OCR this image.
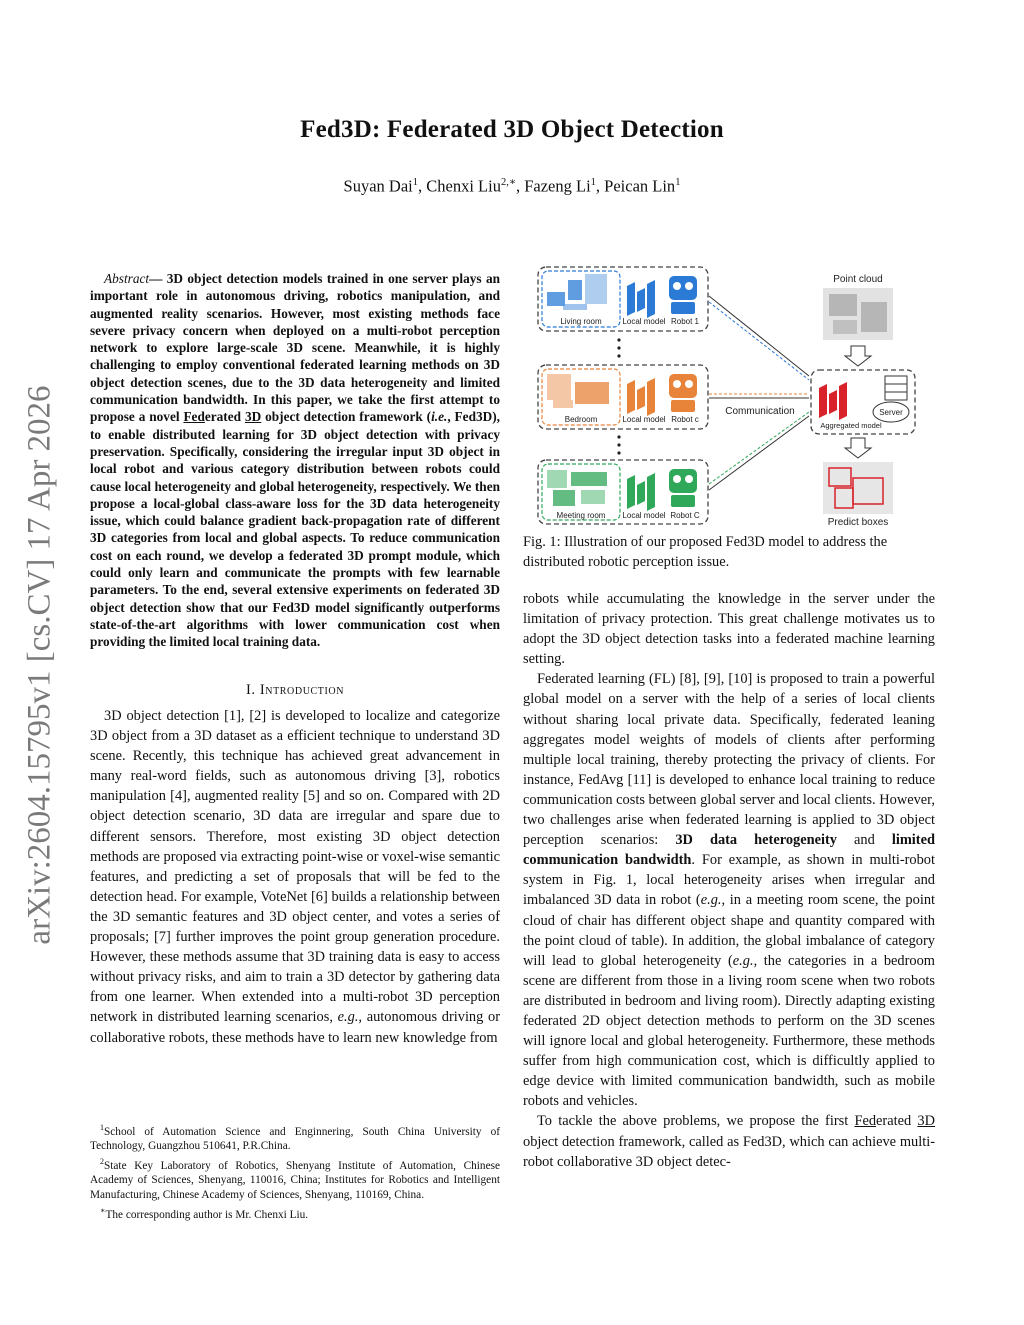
Fed3D: Federated 3D Object Detection
Suyan Dai$^1$, Chenxi Liu$^{2,∗}$, Fazeng Li$^1$, Peican Lin$^1$
arXiv:2604.15795v1 [cs.CV] 17 Apr 2026
Abstract— 3D object detection models trained in one server plays an important role in autonomous driving, robotics manipulation, and augmented reality scenarios. However, most existing methods face severe privacy concern when deployed on a multi-robot perception network to explore large-scale 3D scene. Meanwhile, it is highly challenging to employ conventional federated learning methods on 3D object detection scenes, due to the 3D data heterogeneity and limited communication bandwidth. In this paper, we take the first attempt to propose a novel Federated 3D object detection framework (i.e., Fed3D), to enable distributed learning for 3D object detection with privacy preservation. Specifically, considering the irregular input 3D object in local robot and various category distribution between robots could cause local heterogeneity and global heterogeneity, respectively. We then propose a local-global class-aware loss for the 3D data heterogeneity issue, which could balance gradient back-propagation rate of different 3D categories from local and global aspects. To reduce communication cost on each round, we develop a federated 3D prompt module, which could only learn and communicate the prompts with few learnable parameters. To the end, several extensive experiments on federated 3D object detection show that our Fed3D model significantly outperforms state-of-the-art algorithms with lower communication cost when providing the limited local training data.
I. Introduction

3D object detection [1], [2] is developed to localize and categorize 3D object from a 3D dataset as a efficient technique to understand 3D scene. Recently, this technique has achieved great advancement in many real-word fields, such as autonomous driving [3], robotics manipulation [4], augmented reality [5] and so on. Compared with 2D object detection scenario, 3D data are irregular and spare due to different sensors. Therefore, most existing 3D object detection methods are proposed via extracting point-wise or voxel-wise semantic features, and predicting a set of proposals that will be fed to the detection head. For example, VoteNet [6] builds a relationship between the 3D semantic features and 3D object center, and votes a series of proposals; [7] further improves the point group generation procedure. However, these methods assume that 3D training data is easy to access without privacy risks, and aim to train a 3D detector by gathering data from one learner. When extended into a multi-robot 3D perception network in distributed learning scenarios, e.g., autonomous driving or collaborative robots, these methods have to learn new knowledge from

$^1$School of Automation Science and Enginnering, South China University of Technology, Guangzhou 510641, P.R.China.

$^2$State Key Laboratory of Robotics, Shenyang Institute of Automation, Chinese Academy of Sciences, Shenyang, 110016, China; Institutes for Robotics and Intelligent Manufacturing, Chinese Academy of Sciences, Shenyang, 110169, China.

∗The corresponding author is Mr. Chenxi Liu.

Living room	Local model Robot 1
Bedroom	Local model Robot c
Meeting room Local model Robot C
Communication
Point cloud
Aggregated model
Server
Predict boxes
Fig. 1: Illustration of our proposed Fed3D model to address the distributed robotic perception issue.

robots while accumulating the knowledge in the server under the limitation of privacy protection. This great challenge motivates us to adopt the 3D object detection tasks into a federated machine learning setting.

Federated learning (FL) [8], [9], [10] is proposed to train a powerful global model on a server with the help of a series of local clients without sharing local private data. Specifically, federated leaning aggregates model weights of models of clients after performing multiple local training, thereby protecting the privacy of clients. For instance, FedAvg [11] is developed to enhance local training to reduce communication costs between global server and local clients. However, two challenges arise when federated learning is applied to 3D object perception scenarios: 3D data heterogeneity and limited communication bandwidth. For example, as shown in multi-robot system in Fig. 1, local heterogeneity arises when irregular and imbalanced 3D data in robot (e.g., in a meeting room scene, the point cloud of chair has different object shape and quantity compared with the point cloud of table). In addition, the global imbalance of category will lead to global heterogeneity (e.g., the categories in a bedroom scene are different from those in a living room scene when two robots are distributed in bedroom and living room). Directly adapting existing federated 2D object detection methods to perform on the 3D scenes will ignore local and global heterogeneity. Furthermore, these methods suffer from high communication cost, which is difficultly applied to edge device with limited communication bandwidth, such as mobile robots and vehicles.

To tackle the above problems, we propose the first Federated 3D object detection framework, called as Fed3D, which can achieve multi-robot collaborative 3D object detec-
